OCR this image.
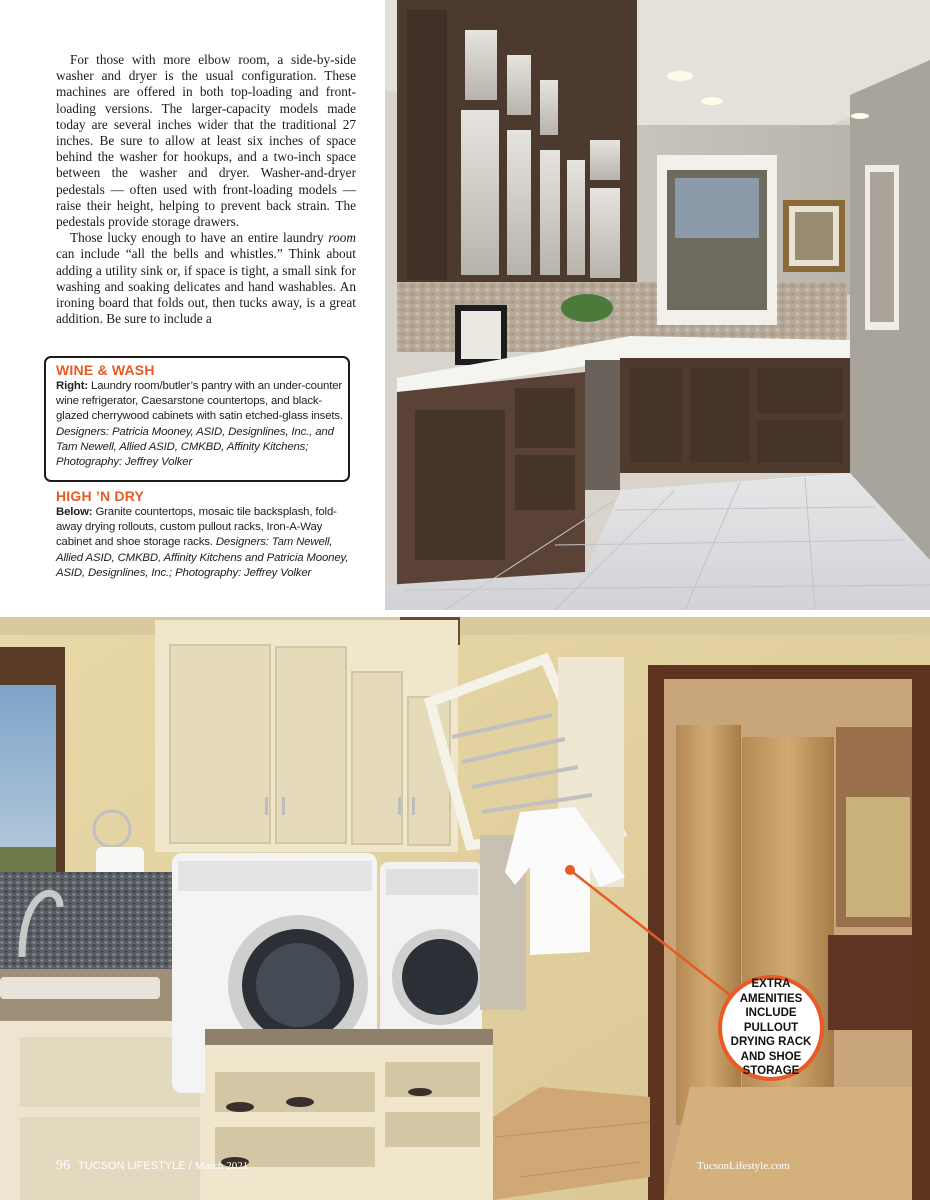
For those with more elbow room, a side-by-side washer and dryer is the usual configuration. These machines are offered in both top-loading and front-loading versions. The larger-capacity models made today are several inches wider that the traditional 27 inches. Be sure to allow at least six inches of space behind the washer for hookups, and a two-inch space between the washer and dryer. Washer-and-dryer pedestals — often used with front-loading models — raise their height, helping to prevent back strain. The pedestals provide storage drawers.

Those lucky enough to have an entire laundry room can include “all the bells and whistles.” Think about adding a utility sink or, if space is tight, a small sink for washing and soaking delicates and hand washables. An ironing board that folds out, then tucks away, is a great addition. Be sure to include a

WINE & WASH

Right: Laundry room/butler’s pantry with an under-counter wine refrigerator, Caesarstone countertops, and black-glazed cherrywood cabinets with satin etched-glass insets. Designers: Patricia Mooney, ASID, Designlines, Inc., and Tam Newell, Allied ASID, CMKBD, Affinity Kitchens; Photography: Jeffrey Volker

HIGH ’N DRY

Below: Granite countertops, mosaic tile backsplash, fold-away drying rollouts, custom pullout racks, Iron-A-Way cabinet and shoe storage racks. Designers: Tam Newell, Allied ASID, CMKBD, Affinity Kitchens and Patricia Mooney, ASID, Designlines, Inc.; Photography: Jeffrey Volker

EXTRA AMENITIES INCLUDE PULLOUT DRYING RACK AND SHOE STORAGE
96 TUCSON LIFESTYLE / March 2021	TucsonLifestyle.com
